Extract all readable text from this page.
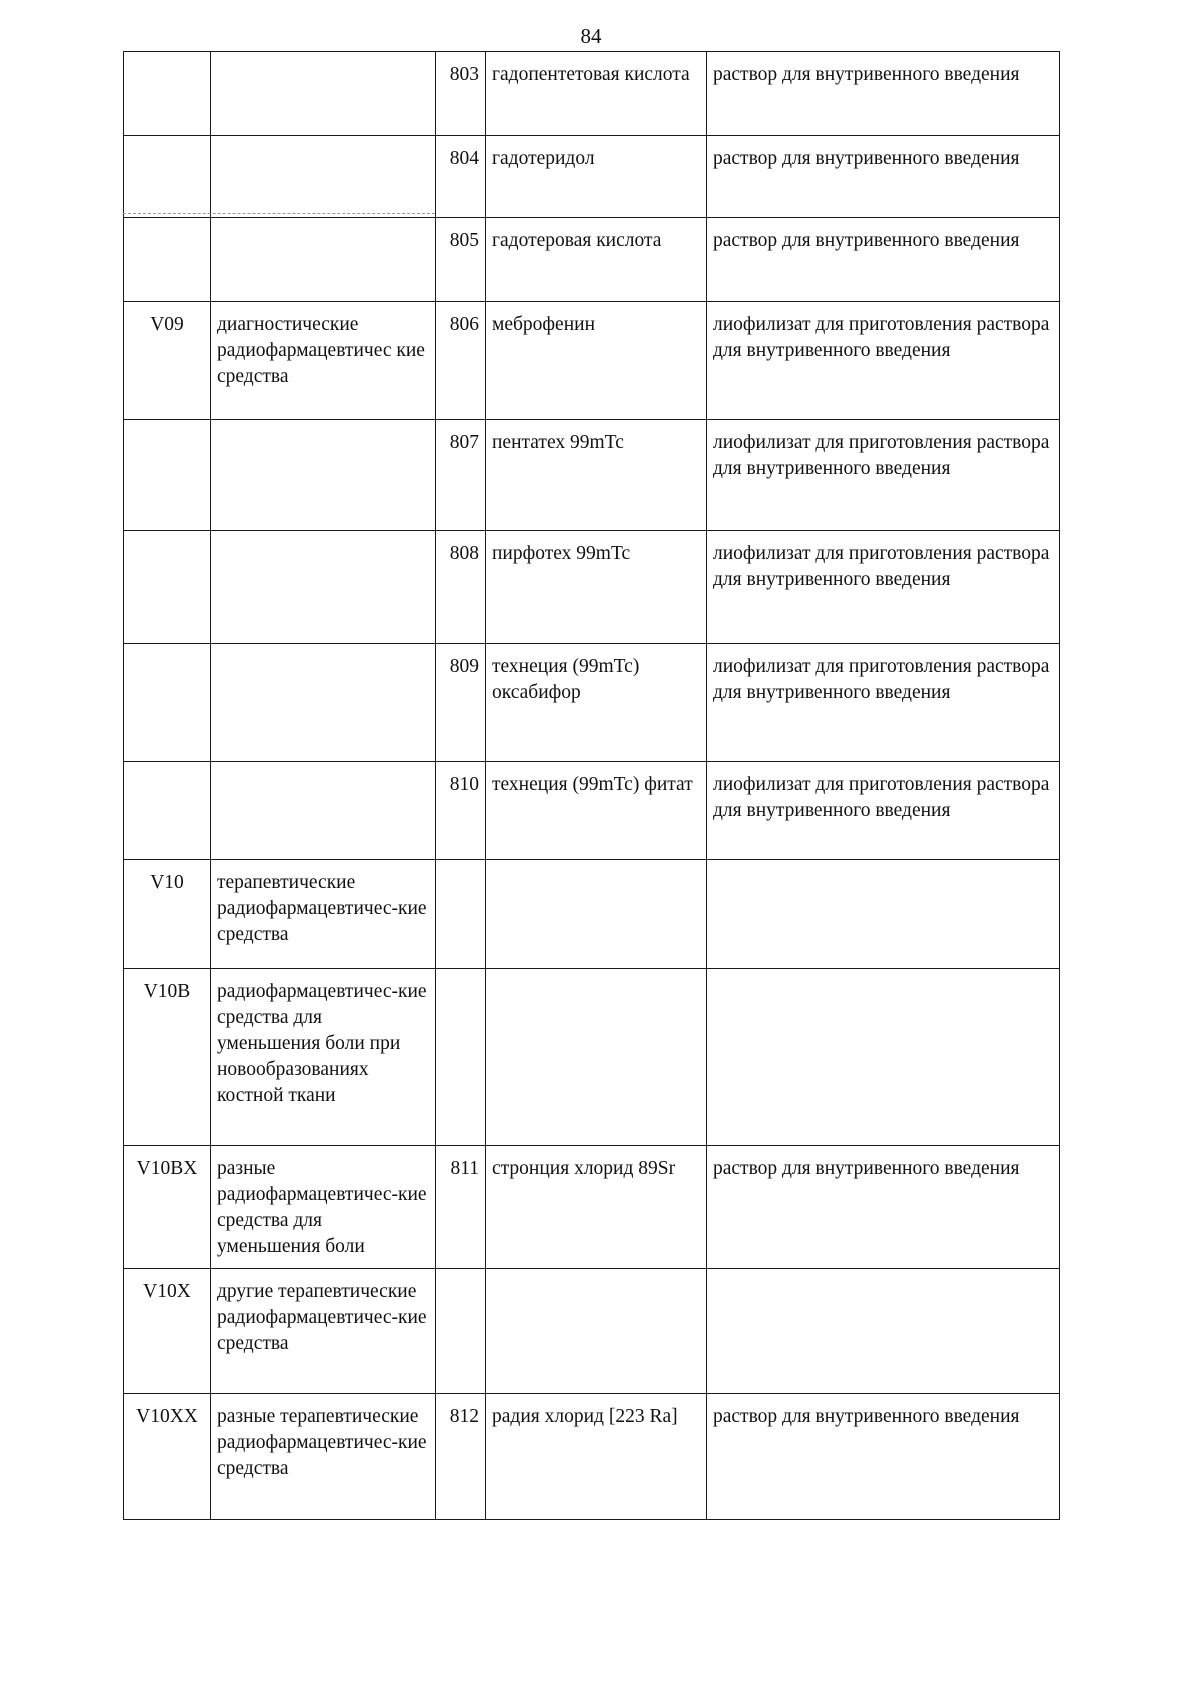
84
		803	гадопентетовая кислота	раствор для внутривенного введения
		804	гадотеридол	раствор для внутривенного введения
		805	гадотеровая кислота	раствор для внутривенного введения
V09	диагностические радиофармацевтичес кие средства	806	меброфенин	лиофилизат для приготовления раствора для внутривенного введения
		807	пентатех 99mTc	лиофилизат для приготовления раствора для внутривенного введения
		808	пирфотех 99mTc	лиофилизат для приготовления раствора для внутривенного введения
		809	технеция (99mTc) оксабифор	лиофилизат для приготовления раствора для внутривенного введения
		810	технеция (99mTc) фитат	лиофилизат для приготовления раствора для внутривенного введения
V10	терапевтические радиофармацевтичес-кие средства			
V10B	радиофармацевтичес-кие средства для уменьшения боли при новообразованиях костной ткани			
V10BX	разные радиофармацевтичес-кие средства для уменьшения боли	811	стронция хлорид 89Sr	раствор для внутривенного введения
V10X	другие терапевтические радиофармацевтичес-кие средства			
V10XX	разные терапевтические радиофармацевтичес-кие средства	812	радия хлорид [223 Ra]	раствор для внутривенного введения
